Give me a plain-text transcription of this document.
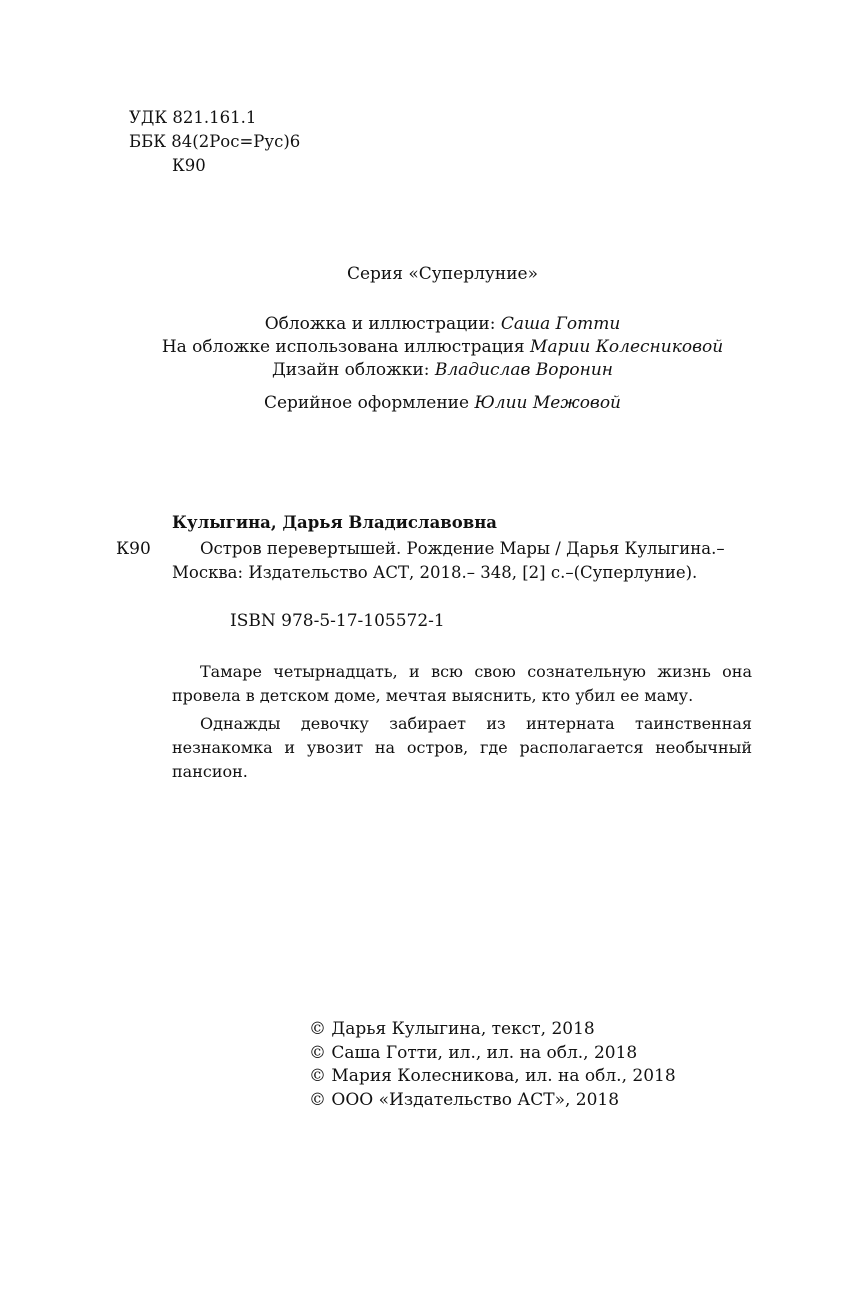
УДК 821.161.1
ББК 84(2Рос=Рус)6
К90
Серия «Суперлуние»
Обложка и иллюстрации: Саша Готти
На обложке использована иллюстрация Марии Колесниковой
Дизайн обложки: Владислав Воронин
Серийное оформление Юлии Межовой
Кулыгина, Дарья Владиславовна
К90	Остров перевертышей. Рождение Мары / Дарья Кулыгина.–
Москва: Издательство АСТ, 2018.– 348, [2] с.–(Суперлуние).
ISBN 978-5-17-105572-1

Тамаре четырнадцать, и всю свою сознательную жизнь она провела в детском доме, мечтая выяснить, кто убил ее маму.

Однажды девочку забирает из интерната таинственная незнакомка и увозит на остров, где располагается необычный пансион.

© Дарья Кулыгина, текст, 2018
© Саша Готти, ил., ил. на обл., 2018
© Мария Колесникова, ил. на обл., 2018
© ООО «Издательство АСТ», 2018
